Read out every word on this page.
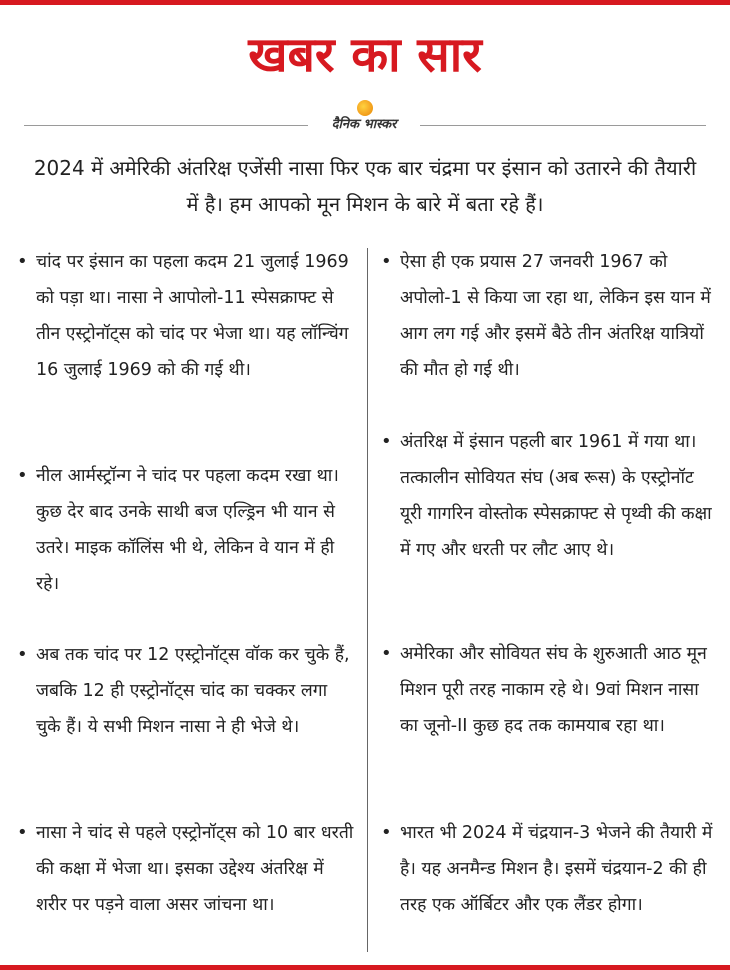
खबर का सार
दैनिक भास्कर

2024 में अमेरिकी अंतरिक्ष एजेंसी नासा फिर एक बार चंद्रमा पर इंसान को उतारने की तैयारी में है। हम आपको मून मिशन के बारे में बता रहे हैं।

• चांद पर इंसान का पहला कदम 21 जुलाई 1969 को पड़ा था। नासा ने आपोलो-11 स्पेसक्राफ्ट से तीन एस्ट्रोनॉट्स को चांद पर भेजा था। यह लॉन्चिंग 16 जुलाई 1969 को की गई थी।
• नील आर्मस्ट्रॉन्ग ने चांद पर पहला कदम रखा था। कुछ देर बाद उनके साथी बज एल्ड्रिन भी यान से उतरे। माइक कॉलिंस भी थे, लेकिन वे यान में ही रहे।
• अब तक चांद पर 12 एस्ट्रोनॉट्स वॉक कर चुके हैं, जबकि 12 ही एस्ट्रोनॉट्स चांद का चक्कर लगा चुके हैं। ये सभी मिशन नासा ने ही भेजे थे।
• नासा ने चांद से पहले एस्ट्रोनॉट्स को 10 बार धरती की कक्षा में भेजा था। इसका उद्देश्य अंतरिक्ष में शरीर पर पड़ने वाला असर जांचना था।
• ऐसा ही एक प्रयास 27 जनवरी 1967 को अपोलो-1 से किया जा रहा था, लेकिन इस यान में आग लग गई और इसमें बैठे तीन अंतरिक्ष यात्रियों की मौत हो गई थी।
• अंतरिक्ष में इंसान पहली बार 1961 में गया था। तत्कालीन सोवियत संघ (अब रूस) के एस्ट्रोनॉट यूरी गागरिन वोस्तोक स्पेसक्राफ्ट से पृथ्वी की कक्षा में गए और धरती पर लौट आए थे।
• अमेरिका और सोवियत संघ के शुरुआती आठ मून मिशन पूरी तरह नाकाम रहे थे। 9वां मिशन नासा का जूनो-II कुछ हद तक कामयाब रहा था।
• भारत भी 2024 में चंद्रयान-3 भेजने की तैयारी में है। यह अनमैन्ड मिशन है। इसमें चंद्रयान-2 की ही तरह एक ऑर्बिटर और एक लैंडर होगा।
